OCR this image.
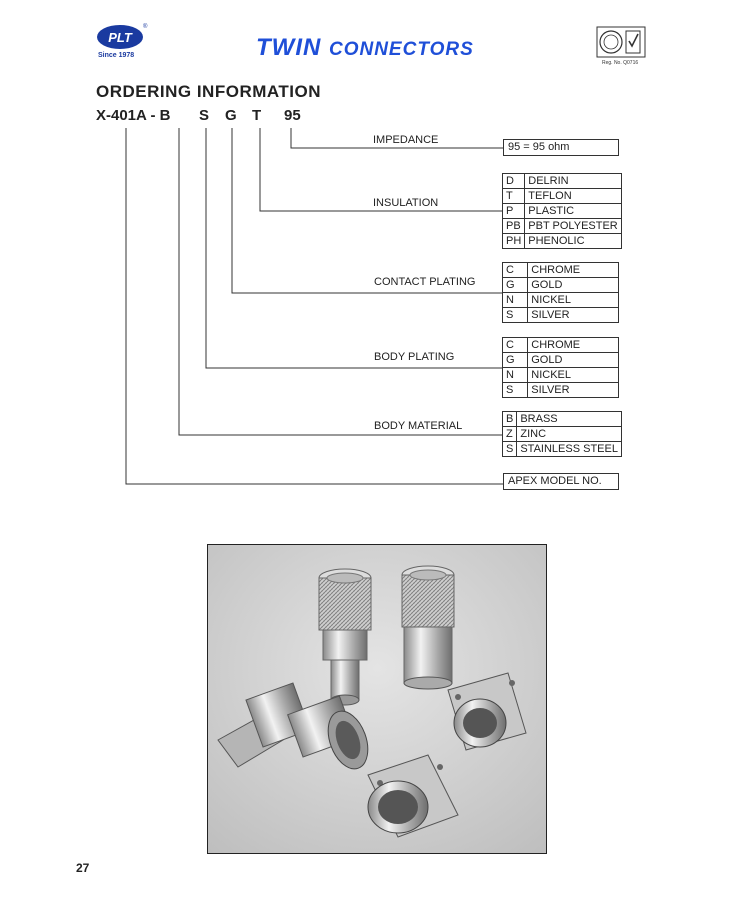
PLT
®
Since 1978	TWIN CONNECTORS
Reg. No. Q0716
ORDERING INFORMATION
X-401A - B S G T 95
IMPEDANCE
INSULATION
CONTACT PLATING
BODY PLATING
BODY MATERIAL
95 = 95 ohm
D	DELRIN
T	TEFLON
P	PLASTIC
PB	PBT POLYESTER
PH	PHENOLIC
C	CHROME
G	GOLD
N	NICKEL
S	SILVER
C	CHROME
G	GOLD
N	NICKEL
S	SILVER
B	BRASS
Z	ZINC
S	STAINLESS STEEL
APEX MODEL NO.
27
